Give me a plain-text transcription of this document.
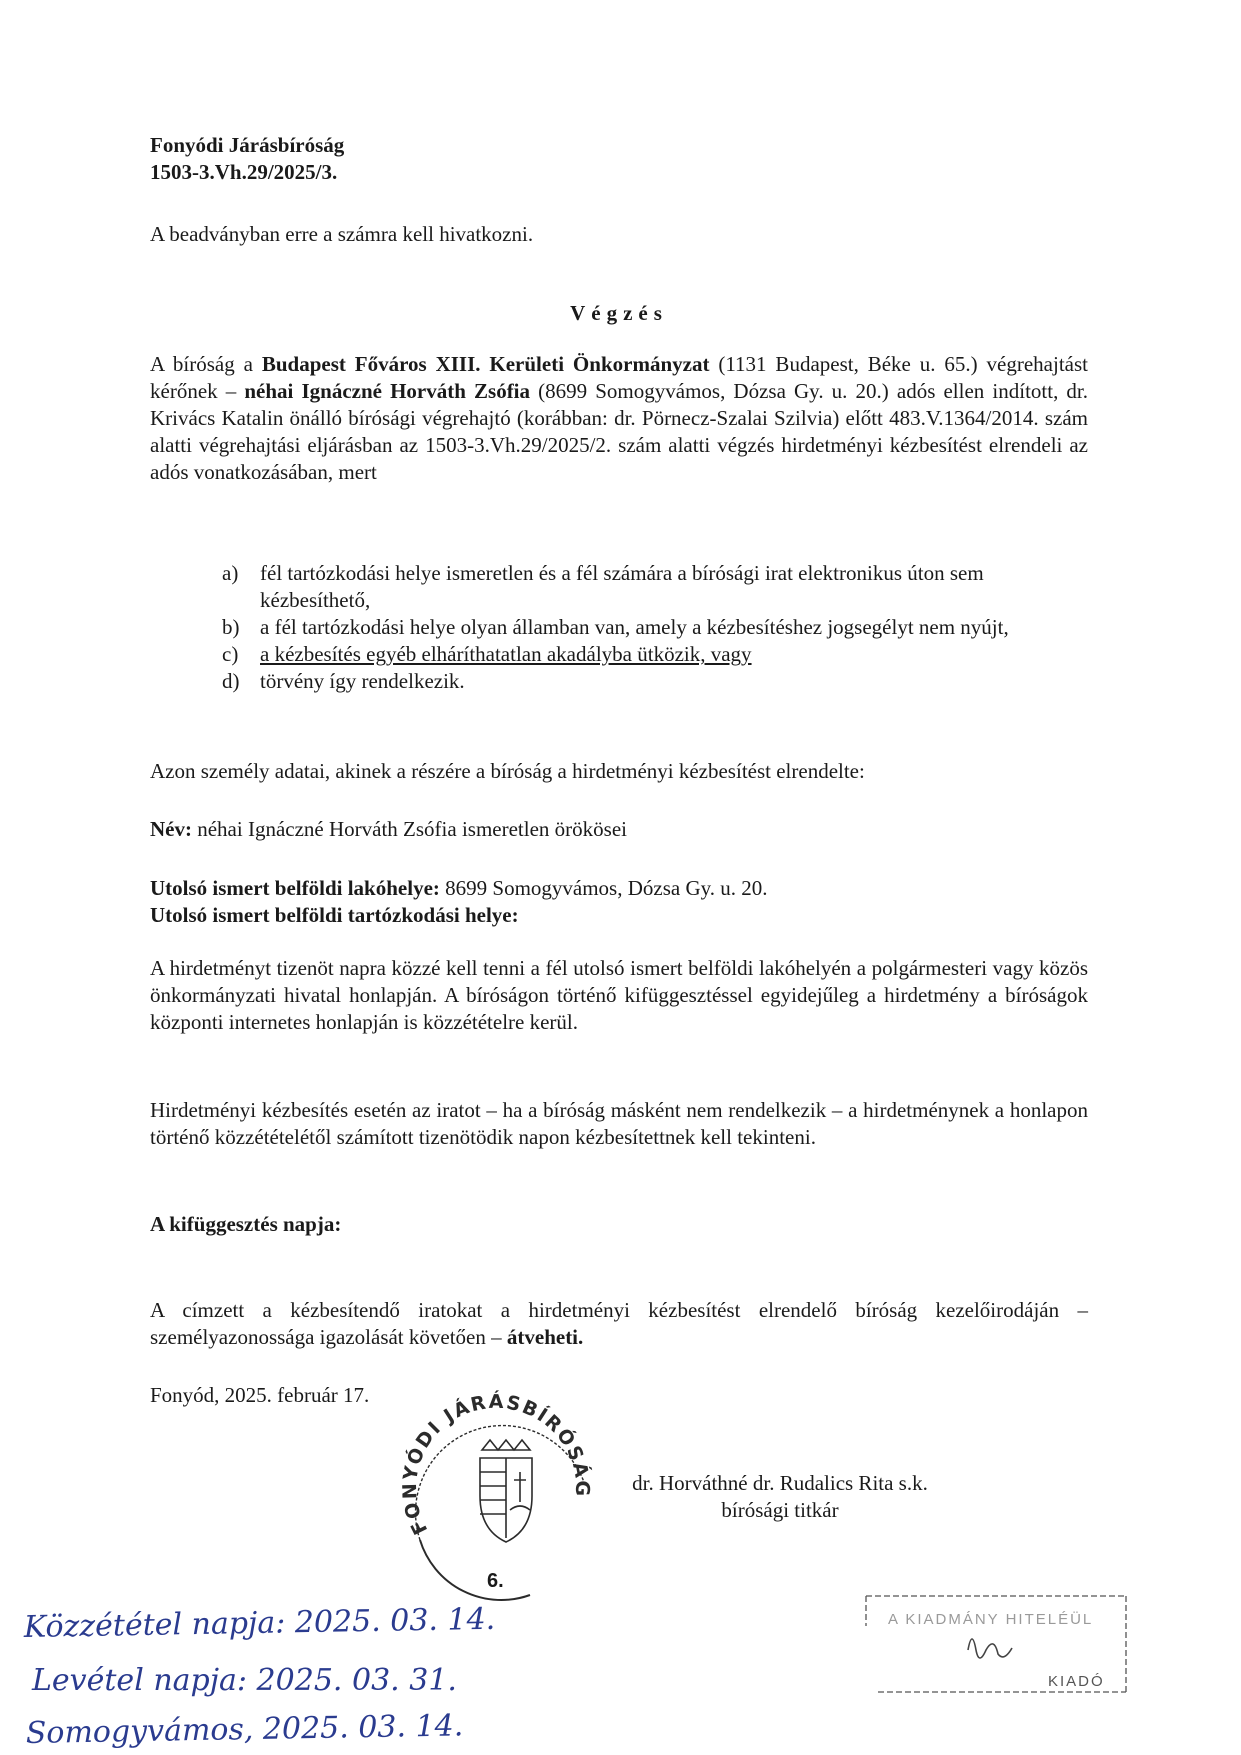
Fonyódi Járásbíróság
1503-3.Vh.29/2025/3.
A beadványban erre a számra kell hivatkozni.
Végzés

A bíróság a Budapest Főváros XIII. Kerületi Önkormányzat (1131 Budapest, Béke u. 65.) végrehajtást kérőnek – néhai Ignáczné Horváth Zsófia (8699 Somogyvámos, Dózsa Gy. u. 20.) adós ellen indított, dr. Krivács Katalin önálló bírósági végrehajtó (korábban: dr. Pörnecz-Szalai Szilvia) előtt 483.V.1364/2014. szám alatti végrehajtási eljárásban az 1503-3.Vh.29/2025/2. szám alatti végzés hirdetményi kézbesítést elrendeli az adós vonatkozásában, mert

a) fél tartózkodási helye ismeretlen és a fél számára a bírósági irat elektronikus úton sem kézbesíthető,
b) a fél tartózkodási helye olyan államban van, amely a kézbesítéshez jogsegélyt nem nyújt,
c) a kézbesítés egyéb elháríthatatlan akadályba ütközik, vagy
d) törvény így rendelkezik.
Azon személy adatai, akinek a részére a bíróság a hirdetményi kézbesítést elrendelte:
Név: néhai Ignáczné Horváth Zsófia ismeretlen örökösei
Utolsó ismert belföldi lakóhelye: 8699 Somogyvámos, Dózsa Gy. u. 20.
Utolsó ismert belföldi tartózkodási helye:

A hirdetményt tizenöt napra közzé kell tenni a fél utolsó ismert belföldi lakóhelyén a polgármesteri vagy közös önkormányzati hivatal honlapján. A bíróságon történő kifüggesztéssel egyidejűleg a hirdetmény a bíróságok központi internetes honlapján is közzétételre kerül.

Hirdetményi kézbesítés esetén az iratot – ha a bíróság másként nem rendelkezik – a hirdetménynek a honlapon történő közzétételétől számított tizenötödik napon kézbesítettnek kell tekinteni.

A kifüggesztés napja:

A címzett a kézbesítendő iratokat a hirdetményi kézbesítést elrendelő bíróság kezelőirodáján – személyazonossága igazolását követően – átveheti.

Fonyód, 2025. február 17.
FONYÓDI JÁRÁSBÍRÓSÁG
6.
dr. Horváthné dr. Rudalics Rita s.k.
bírósági titkár
Közzététel napja: 2025. 03. 14.
Levétel napja: 2025. 03. 31.
Somogyvámos, 2025. 03. 14.
A KIADMÁNY HITELÉÜL
KIADÓ
